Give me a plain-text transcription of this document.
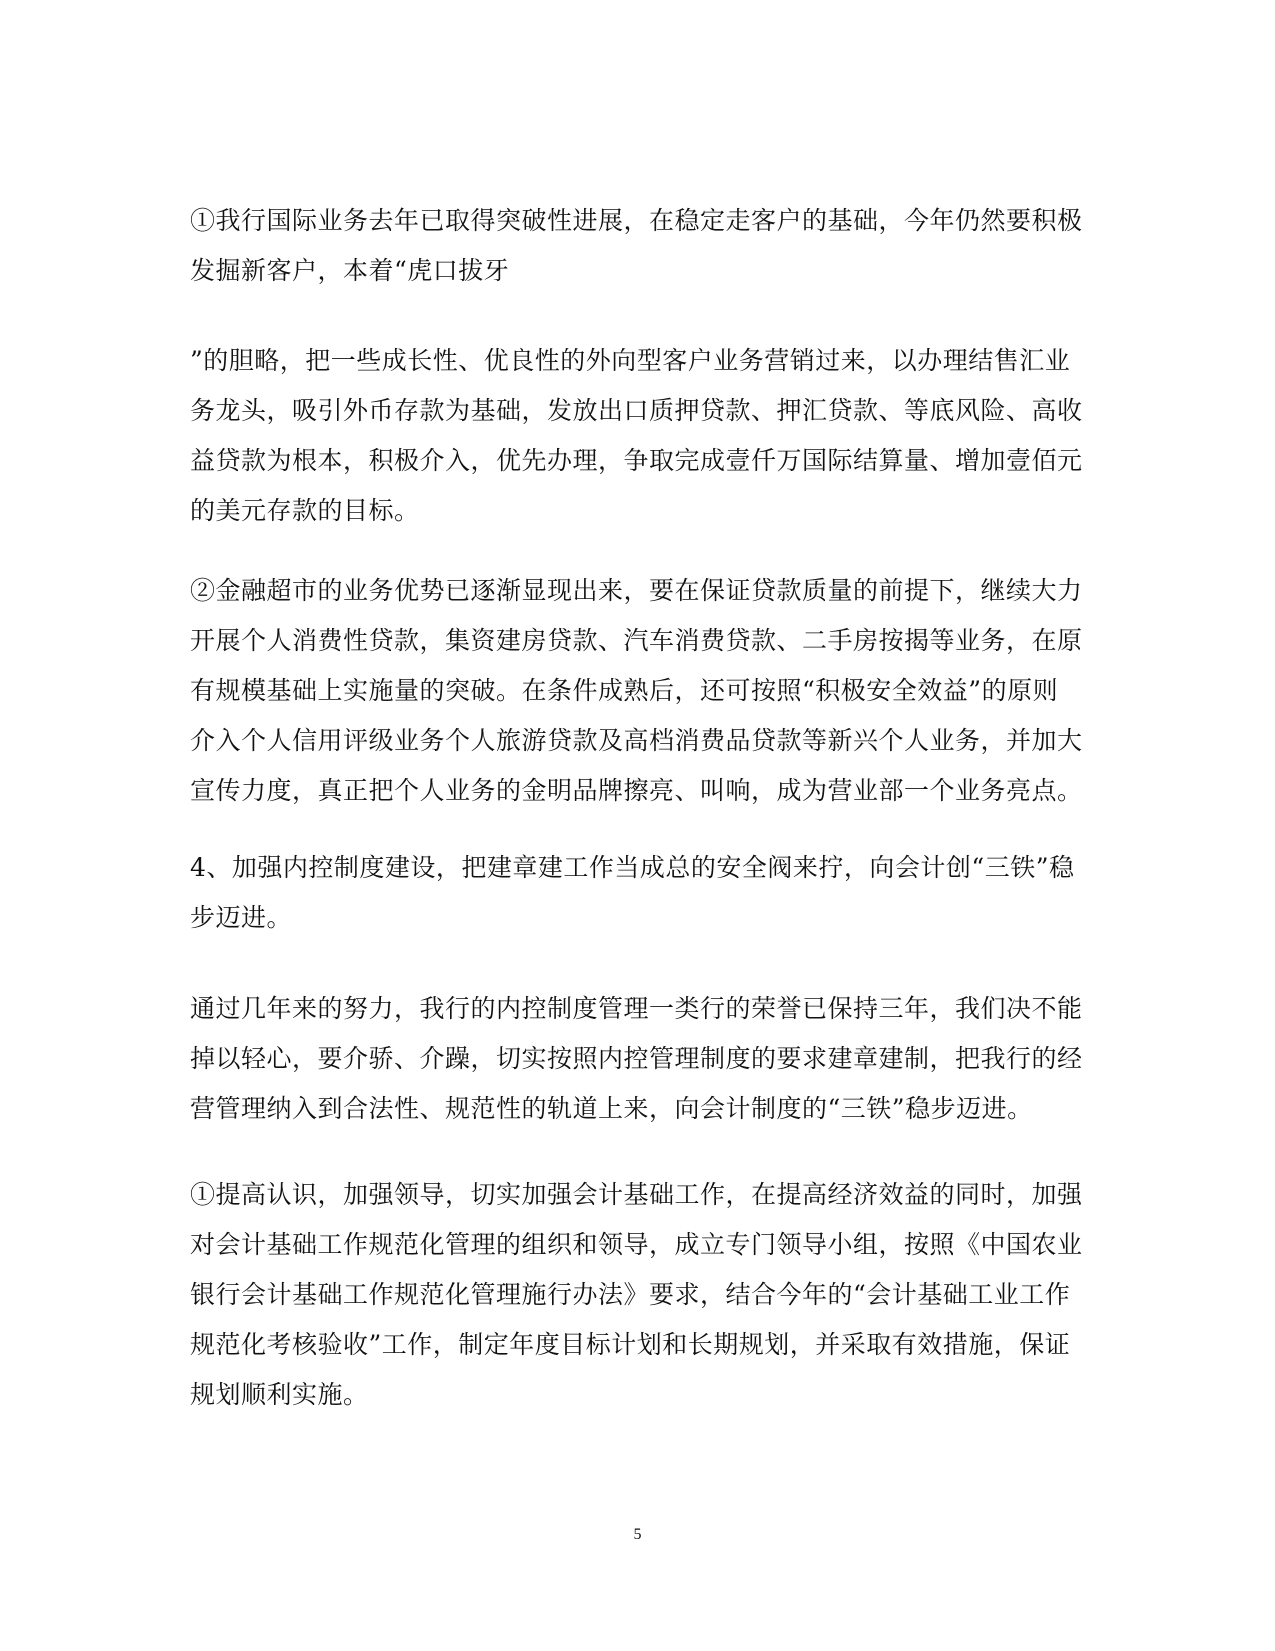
①我行国际业务去年已取得突破性进展，在稳定走客户的基础，今年仍然要积极
发掘新客户，本着“虎口拔牙
”的胆略，把一些成长性、优良性的外向型客户业务营销过来，以办理结售汇业
务龙头，吸引外币存款为基础，发放出口质押贷款、押汇贷款、等底风险、高收
益贷款为根本，积极介入，优先办理，争取完成壹仟万国际结算量、增加壹佰元
的美元存款的目标。
②金融超市的业务优势已逐渐显现出来，要在保证贷款质量的前提下，继续大力
开展个人消费性贷款，集资建房贷款、汽车消费贷款、二手房按揭等业务，在原
有规模基础上实施量的突破。在条件成熟后，还可按照“积极安全效益”的原则
介入个人信用评级业务个人旅游贷款及高档消费品贷款等新兴个人业务，并加大
宣传力度，真正把个人业务的金明品牌擦亮、叫响，成为营业部一个业务亮点。
4、加强内控制度建设，把建章建工作当成总的安全阀来拧，向会计创“三铁”稳
步迈进。
通过几年来的努力，我行的内控制度管理一类行的荣誉已保持三年，我们决不能
掉以轻心，要介骄、介躁，切实按照内控管理制度的要求建章建制，把我行的经
营管理纳入到合法性、规范性的轨道上来，向会计制度的“三铁”稳步迈进。
①提高认识，加强领导，切实加强会计基础工作，在提高经济效益的同时，加强
对会计基础工作规范化管理的组织和领导，成立专门领导小组，按照《中国农业
银行会计基础工作规范化管理施行办法》要求，结合今年的“会计基础工业工作
规范化考核验收”工作，制定年度目标计划和长期规划，并采取有效措施，保证
规划顺利实施。
5
